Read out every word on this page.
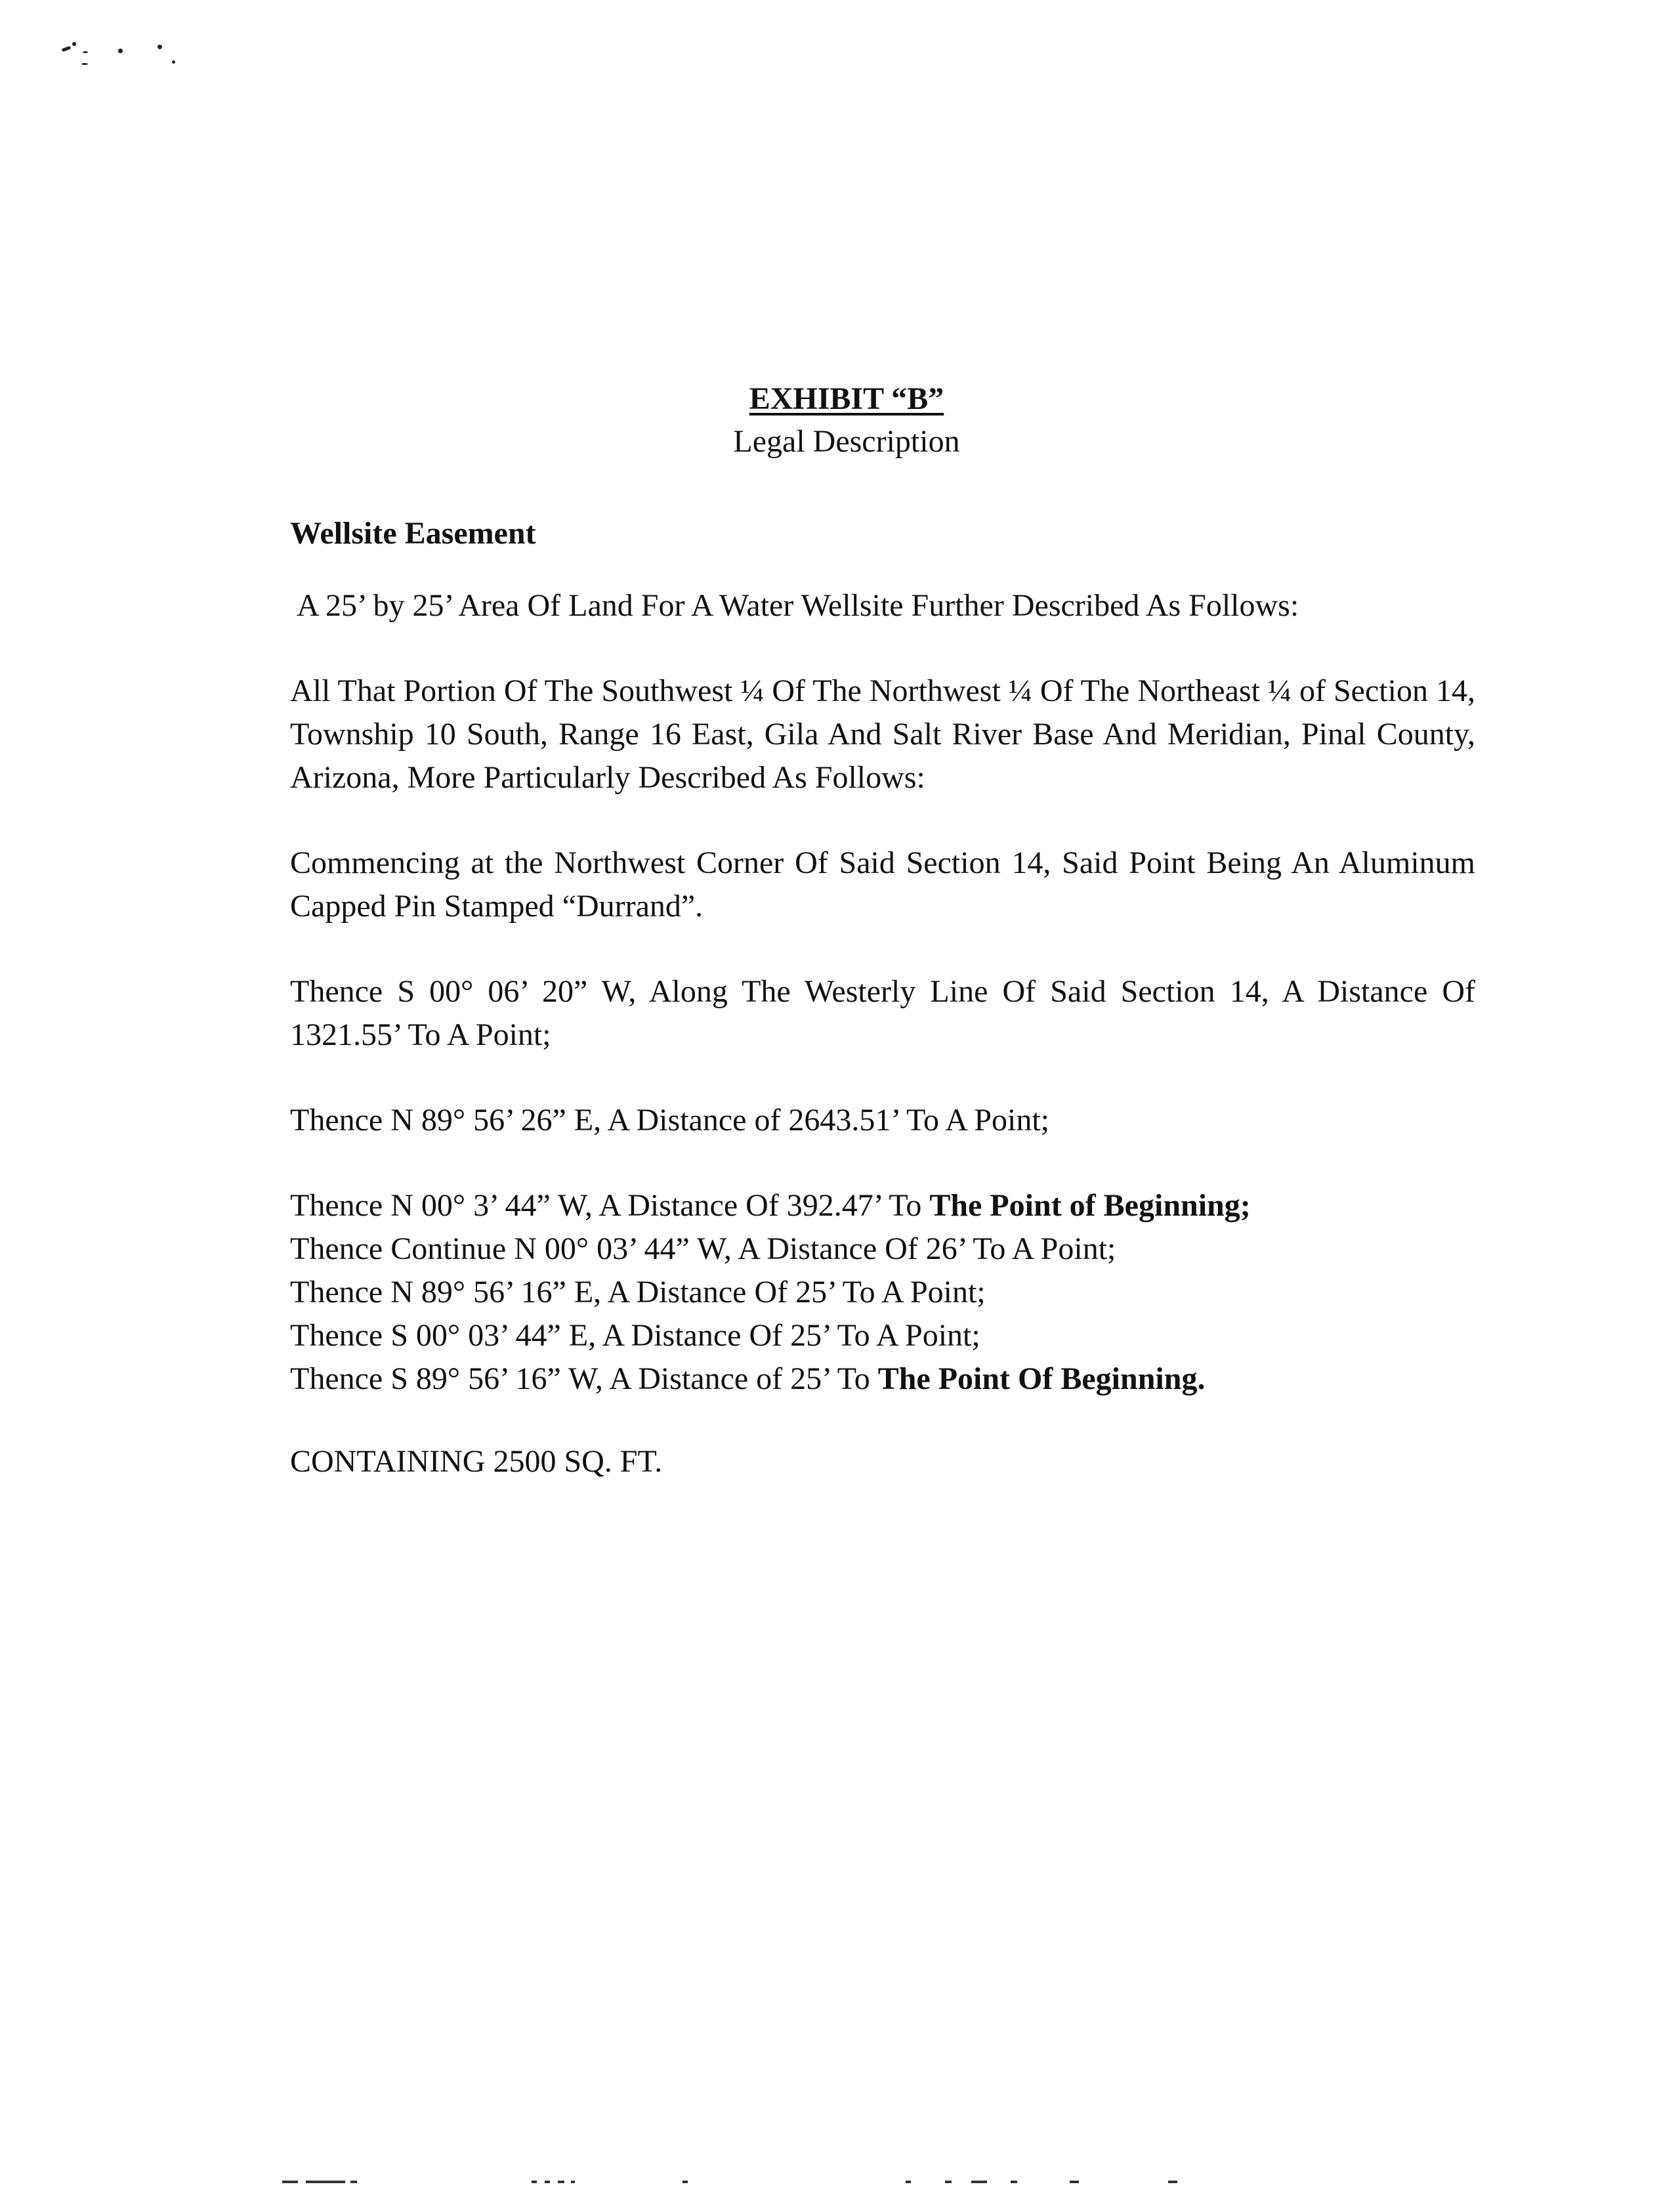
EXHIBIT “B”
Legal Description

Wellsite Easement

A 25’ by 25’ Area Of Land For A Water Wellsite Further Described As Follows:

All That Portion Of The Southwest ¼ Of The Northwest ¼ Of The Northeast ¼ of Section 14, Township 10 South, Range 16 East, Gila And Salt River Base And Meridian, Pinal County, Arizona, More Particularly Described As Follows:

Commencing at the Northwest Corner Of Said Section 14, Said Point Being An Aluminum Capped Pin Stamped “Durrand”.

Thence S 00° 06’ 20” W, Along The Westerly Line Of Said Section 14, A Distance Of 1321.55’ To A Point;

Thence N 89° 56’ 26” E, A Distance of 2643.51’ To A Point;

Thence N 00° 3’ 44” W, A Distance Of 392.47’ To The Point of Beginning;

Thence Continue N 00° 03’ 44” W, A Distance Of 26’ To A Point;

Thence N 89° 56’ 16” E, A Distance Of 25’ To A Point;

Thence S 00° 03’ 44” E, A Distance Of 25’ To A Point;

Thence S 89° 56’ 16” W, A Distance of 25’ To The Point Of Beginning.

CONTAINING 2500 SQ. FT.
